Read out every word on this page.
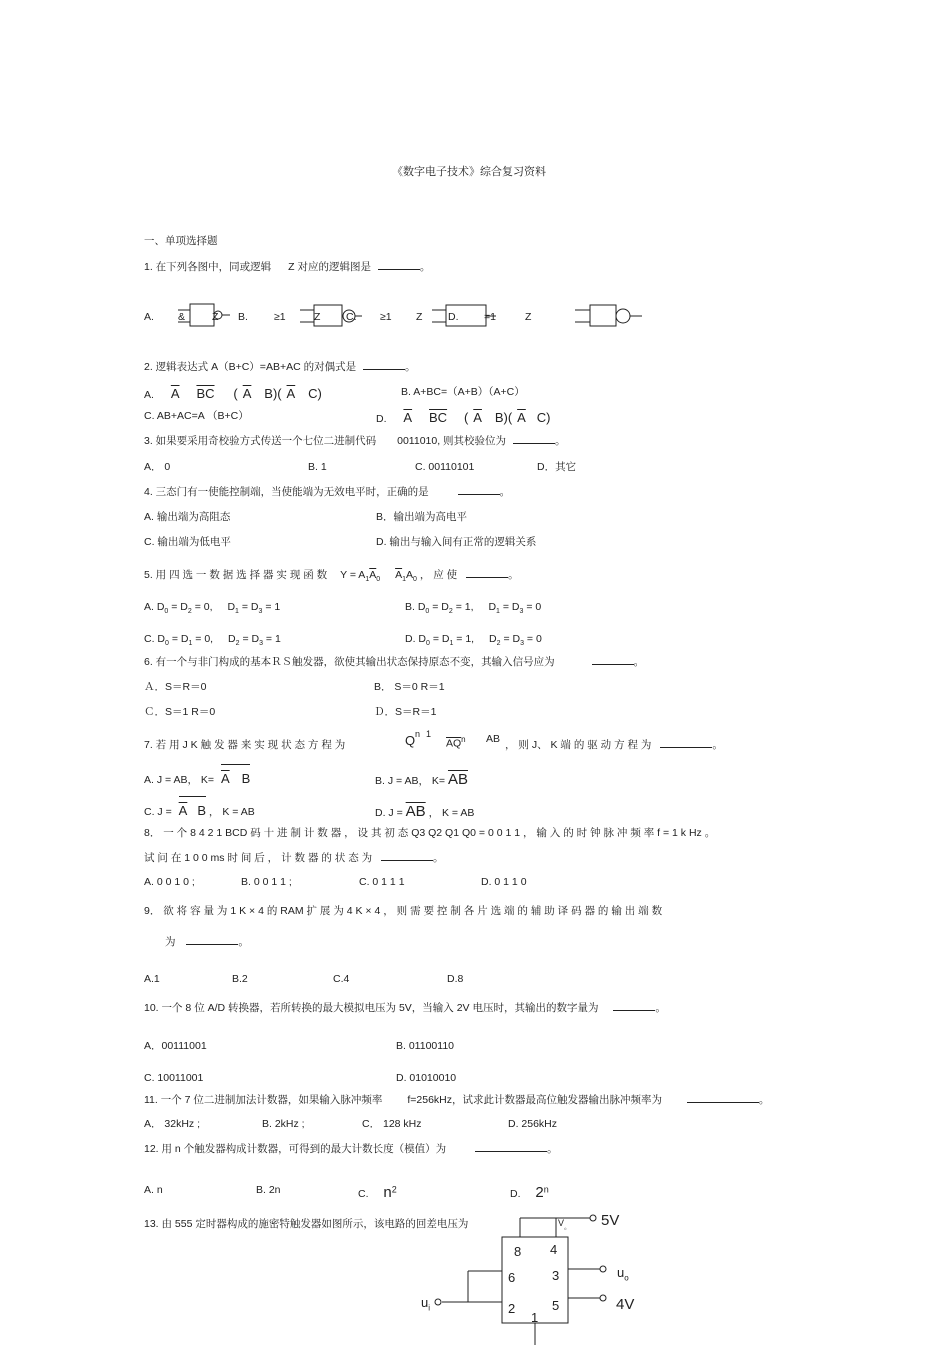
《数字电子技术》综合复习资料
一、单项选择题
1. 在下列各图中，同或逻辑 Z 对应的逻辑图是	。
A. &	Z B. ≥1	Z C. ≥1 Z D. =1	Z
2. 逻辑表达式 A（B+C）=AB+AC 的对偶式是	。
A. $\overline{A}$ $\overline{BC}$ ( $\overline{A}$ B)( $\overline{A}$ C)	B. A+BC=（A+B）（A+C）
C. AB+AC=A （B+C）	D. $\overline{A}$ $\overline{BC}$ ( $\overline{A}$ B)( $\overline{A}$ C)
3. 如果要采用奇校验方式传送一个七位二进制代码 0011010, 则其校验位为	。
A． 0	B. 1	C. 00110101	D．其它
4. 三态门有一使能控制端，当使能端为无效电平时，正确的是	。
A. 输出端为高阻态	B．输出端为高电平
C. 输出端为低电平	D. 输出与输入间有正常的逻辑关系
5. 用 四 选 一 数 据 选 择 器 实 现 函 数 $Y = A_1\overline{A}_0$ $\overline{A}_1A_0$ ， 应 使	。
A. $D_0 = D_2 = 0$, $D_1 = D_3 = 1$	B. $D_0 = D_2 = 1$, $D_1 = D_3 = 0$
C. $D_0 = D_1 = 0$, $D_2 = D_3 = 1$	D. $D_0 = D_1 = 1$, $D_2 = D_3 = 0$
6. 有一个与非门构成的基本ＲＳ触发器，欲使其输出状态保持原态不变，其输入信号应为	。
Ａ．S＝R＝0	B． S＝0 R＝1
Ｃ．S＝1 R＝0	Ｄ．S＝R＝1
7. 若 用 J K 触 发 器 来 实 现 状 态 方 程 为	Q n 1
$\overline{AQ}^n$ AB ， 则 J、 K 端 的 驱 动 方 程 为	。
A. J = AB， $K= \overline{A}$ B	B. J = AB， $K= \overline{AB}$
C. $J = \overline{A}$ B ， K = AB	D. $J = \overline{AB}$ ， K = AB
8． 一 个 8 4 2 1 BCD 码 十 进 制 计 数 器 ， 设 其 初 态 Q3 Q2 Q1 Q0 = 0 0 1 1 ， 输 入 的 时 钟 脉 冲 频 率 f = 1 k Hz 。
试 问 在 1 0 0 ms 时 间 后 ， 计 数 器 的 状 态 为	。
A. 0 0 1 0 ;	B. 0 0 1 1 ;	C. 0 1 1 1	D. 0 1 1 0
9． 欲 将 容 量 为 1 K × 4 的 RAM 扩 展 为 4 K × 4 ， 则 需 要 控 制 各 片 选 端 的 辅 助 译 码 器 的 输 出 端 数
为	。
A.1	B.2	C.4	D.8
10. 一个 8 位 A/D 转换器，若所转换的最大模拟电压为 5V，当输入 2V 电压时，其输出的数字量为	。
A．00111001	B. 01100110
C. 10011001	D. 01010010
11. 一个 7 位二进制加法计数器，如果输入脉冲频率 f=256kHz，试求此计数器最高位触发器输出脉冲频率为	。
A． 32kHz ;	B. 2kHz ;	C． 128 kHz	D. 256kHz
12. 用 n 个触发器构成计数器，可得到的最大计数长度（模值）为	。
A. n	B. 2n	C. $n^2$	D. 2$^n$
13. 由 555 定时器构成的施密特触发器如图所示，该电路的回差电压为	$V_。$ 5V
8 4
6	3
2	5
1
$u_o$
$u_i$	4V
